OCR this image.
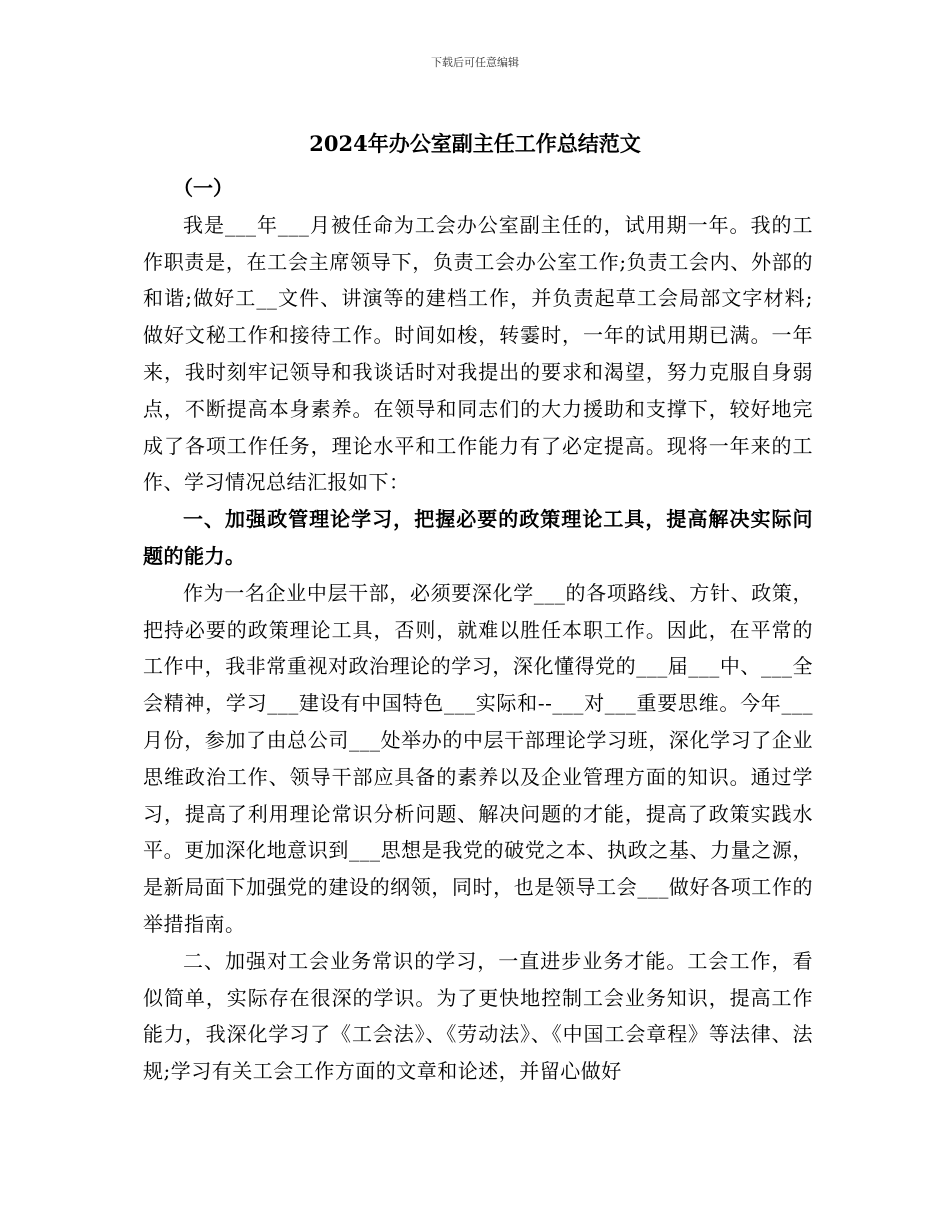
下载后可任意编辑
2024年办公室副主任工作总结范文

（一）

我是___年___月被任命为工会办公室副主任的，试用期一年。我的工作职责是，在工会主席领导下，负责工会办公室工作;负责工会内、外部的和谐;做好工__文件、讲演等的建档工作，并负责起草工会局部文字材料;做好文秘工作和接待工作。时间如梭，转霎时，一年的试用期已满。一年来，我时刻牢记领导和我谈话时对我提出的要求和渴望，努力克服自身弱点，不断提高本身素养。在领导和同志们的大力援助和支撑下，较好地完成了各项工作任务，理论水平和工作能力有了必定提高。现将一年来的工作、学习情况总结汇报如下：

一、加强政管理论学习，把握必要的政策理论工具，提高解决实际问题的能力。

作为一名企业中层干部，必须要深化学___的各项路线、方针、政策，把持必要的政策理论工具，否则，就难以胜任本职工作。因此，在平常的工作中，我非常重视对政治理论的学习，深化懂得党的___届___中、___全会精神，学习___建设有中国特色___实际和--___对___重要思维。今年___月份，参加了由总公司___处举办的中层干部理论学习班，深化学习了企业思维政治工作、领导干部应具备的素养以及企业管理方面的知识。通过学习，提高了利用理论常识分析问题、解决问题的才能，提高了政策实践水平。更加深化地意识到___思想是我党的破党之本、执政之基、力量之源，是新局面下加强党的建设的纲领，同时，也是领导工会___做好各项工作的举措指南。

二、加强对工会业务常识的学习，一直进步业务才能。工会工作，看似简单，实际存在很深的学识。为了更快地控制工会业务知识，提高工作能力，我深化学习了《工会法》、《劳动法》、《中国工会章程》等法律、法规;学习有关工会工作方面的文章和论述，并留心做好
